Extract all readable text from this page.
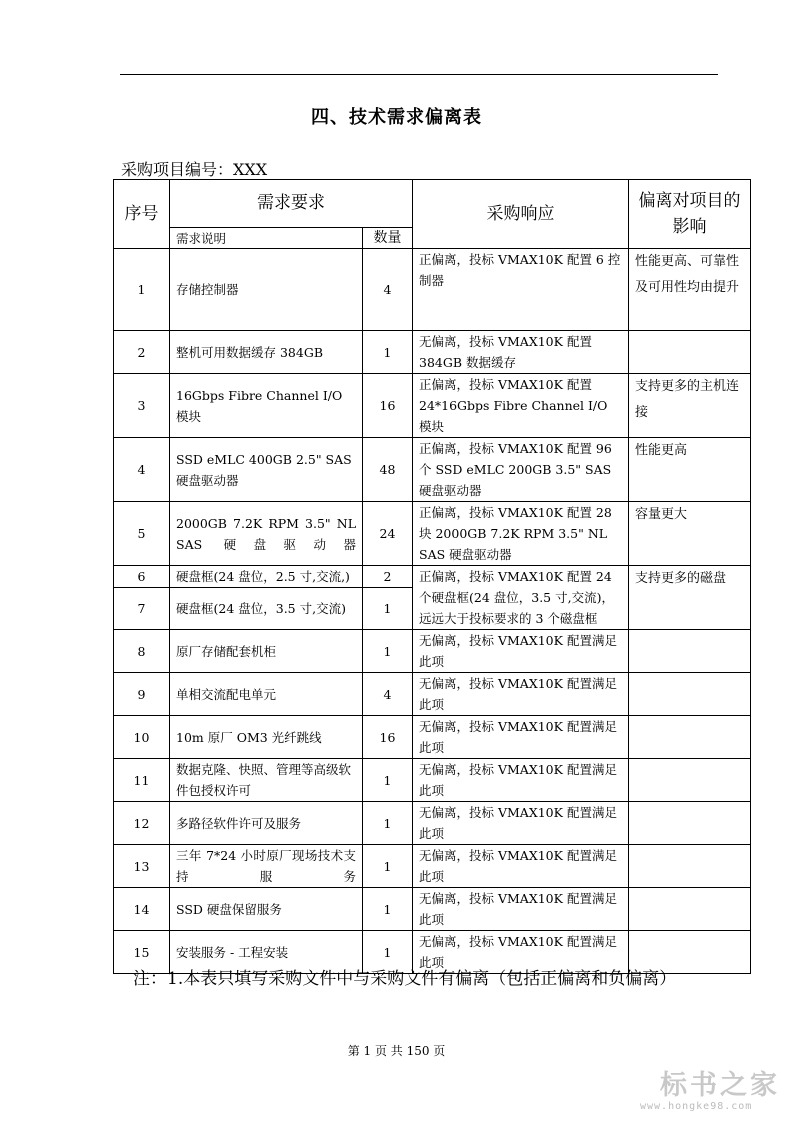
四、技术需求偏离表
采购项目编号：XXX
序号	需求要求		采购响应	偏离对项目的影响
	需求说明	数量		
1	存储控制器	4	正偏离，投标 VMAX10K 配置 6 控制器	性能更高、可靠性及可用性均由提升
2	整机可用数据缓存 384GB	1	无偏离，投标 VMAX10K 配置 384GB 数据缓存	
3	16Gbps Fibre Channel I/O 模块	16	正偏离，投标 VMAX10K 配置 24*16Gbps Fibre Channel I/O 模块	支持更多的主机连接
4	SSD eMLC 400GB 2.5" SAS 硬盘驱动器	48	正偏离，投标 VMAX10K 配置 96 个 SSD eMLC 200GB 3.5" SAS 硬盘驱动器	性能更高
5	2000GB 7.2K RPM 3.5" NL SAS 硬盘驱动器	24	正偏离，投标 VMAX10K 配置 28 块 2000GB 7.2K RPM 3.5" NL SAS 硬盘驱动器	容量更大
6	硬盘框(24 盘位，2.5 寸,交流,)	2	正偏离，投标 VMAX10K 配置 24 个硬盘框(24 盘位，3.5 寸,交流)，远远大于投标要求的 3 个磁盘框	支持更多的磁盘
7	硬盘框(24 盘位，3.5 寸,交流)	1		
8	原厂存储配套机柜	1	无偏离，投标 VMAX10K 配置满足此项	
9	单相交流配电单元	4	无偏离，投标 VMAX10K 配置满足此项	
10	10m 原厂 OM3 光纤跳线	16	无偏离，投标 VMAX10K 配置满足此项	
11	数据克隆、快照、管理等高级软件包授权许可	1	无偏离，投标 VMAX10K 配置满足此项	
12	多路径软件许可及服务	1	无偏离，投标 VMAX10K 配置满足此项	
13	三年 7*24 小时原厂现场技术支持服务	1	无偏离，投标 VMAX10K 配置满足此项	
14	SSD 硬盘保留服务	1	无偏离，投标 VMAX10K 配置满足此项	
15	安装服务 - 工程安装	1	无偏离，投标 VMAX10K 配置满足此项	
注：1.本表只填写采购文件中与采购文件有偏离（包括正偏离和负偏离）
第 1 页 共 150 页
标书之家
www.hongke98.com
